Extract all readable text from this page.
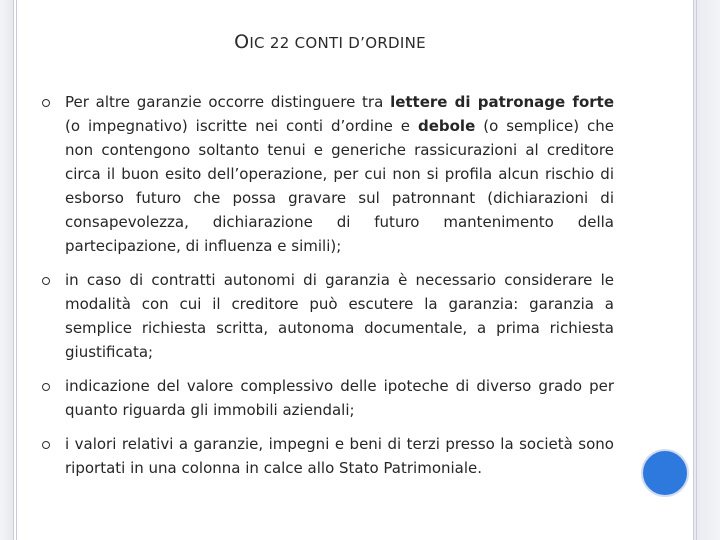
OIC 22 CONTI D’ORDINE

Per altre garanzie occorre distinguere tra lettere di patronage forte (o impegnativo) iscritte nei conti d’ordine e debole (o semplice) che non contengono soltanto tenui e generiche rassicurazioni al creditore circa il buon esito dell’operazione, per cui non si profila alcun rischio di esborso futuro che possa gravare sul patronnant (dichiarazioni di consapevolezza, dichiarazione di futuro mantenimento della partecipazione, di influenza e simili);

in caso di contratti autonomi di garanzia è necessario considerare le modalità con cui il creditore può escutere la garanzia: garanzia a semplice richiesta scritta, autonoma documentale, a prima richiesta giustificata;

indicazione del valore complessivo delle ipoteche di diverso grado per quanto riguarda gli immobili aziendali;

i valori relativi a garanzie, impegni e beni di terzi presso la società sono riportati in una colonna in calce allo Stato Patrimoniale.
